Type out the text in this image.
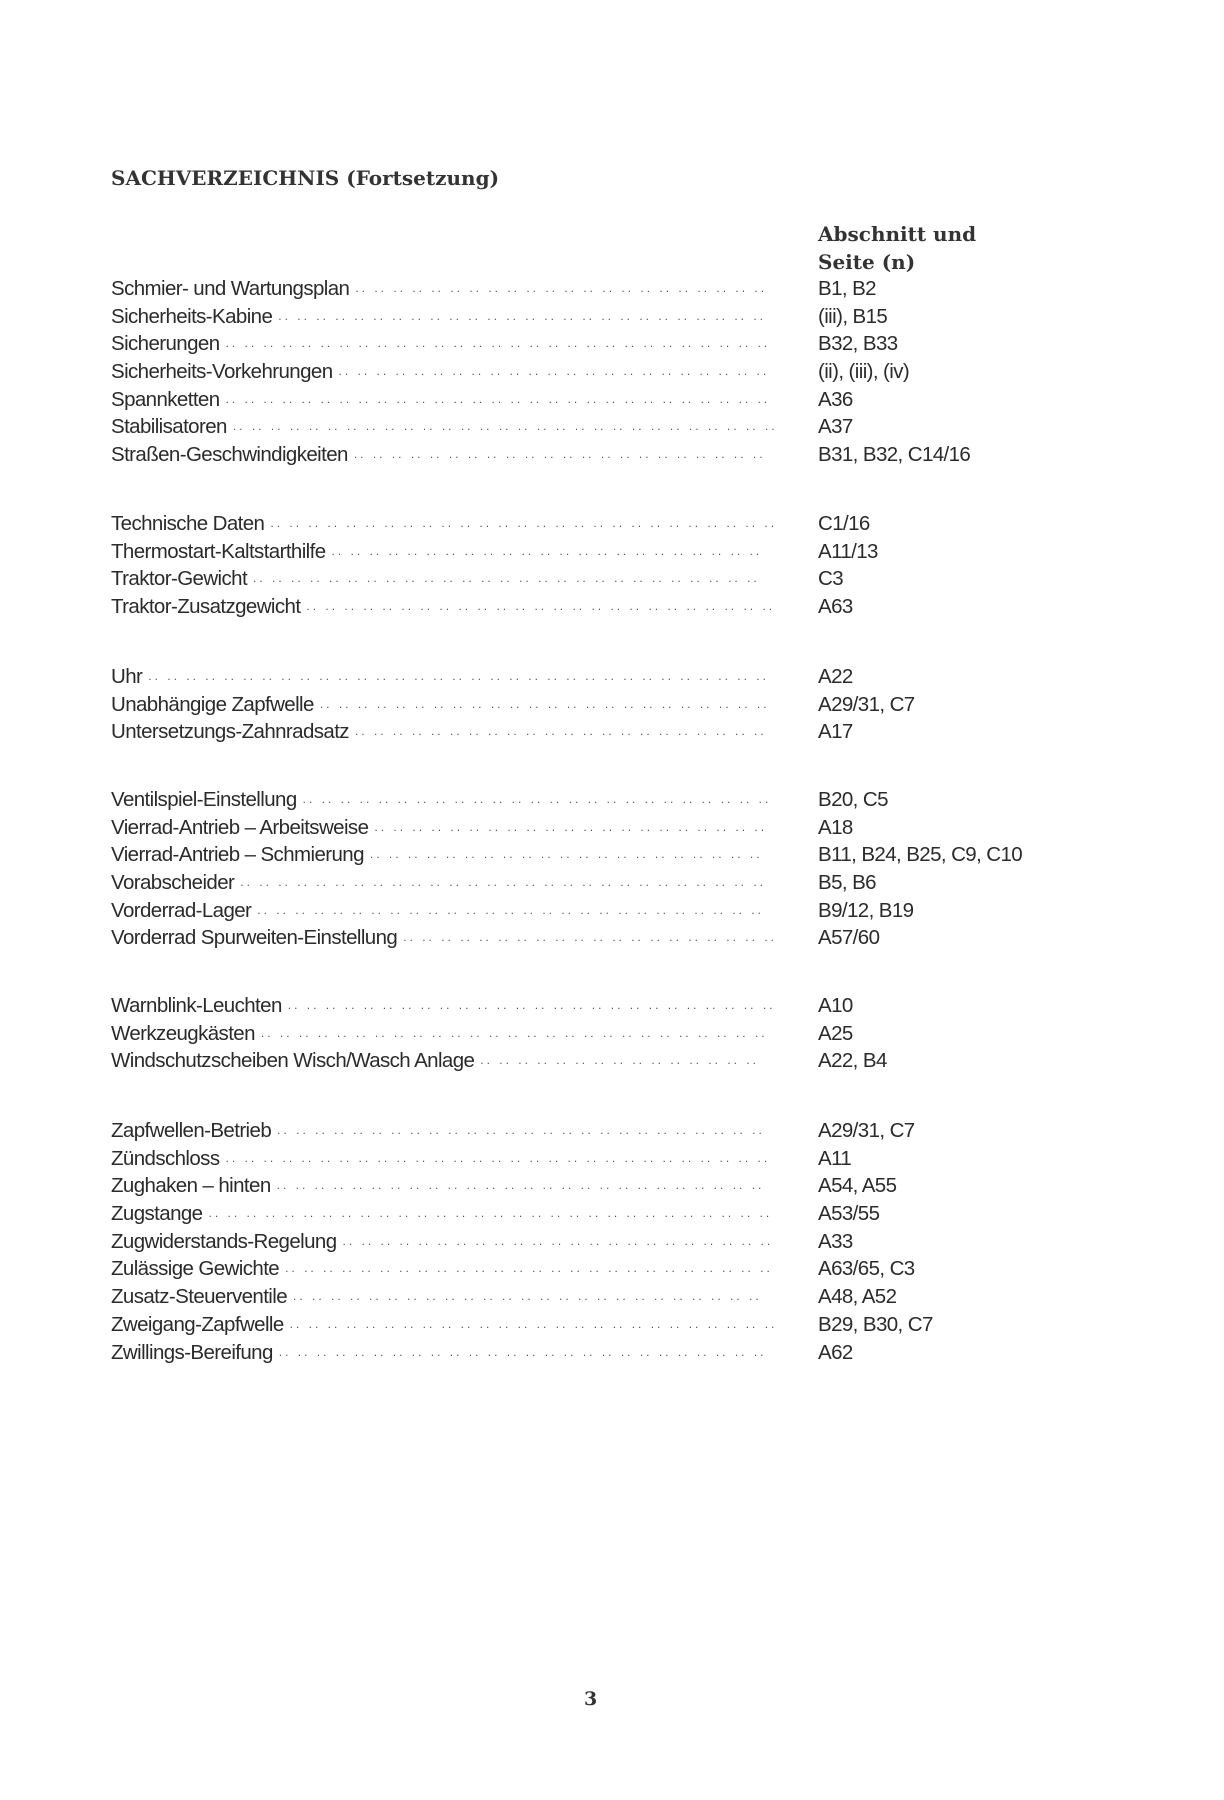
SACHVERZEICHNIS (Fortsetzung)
Abschnitt und
Seite (n)
Schmier- und Wartungsplan .. .. .. .. .. .. .. .. .. .. .. .. .. .. .. .. .. .. .. .. .. .. B1, B2
Sicherheits-Kabine .. .. .. .. .. .. .. .. .. .. .. .. .. .. .. .. .. .. .. .. .. .. .. .. .. ..	(iii), B15
Sicherungen .. .. .. .. .. .. .. .. .. .. .. .. .. .. .. .. .. .. .. .. .. .. .. .. .. .. .. .. .. B32, B33
Sicherheits-Vorkehrungen .. .. .. .. .. .. .. .. .. .. .. .. .. .. .. .. .. .. .. .. .. .. .. (ii), (iii), (iv)
Spannketten .. .. .. .. .. .. .. .. .. .. .. .. .. .. .. .. .. .. .. .. .. .. .. .. .. .. .. .. .. A36
Stabilisatoren .. .. .. .. .. .. .. .. .. .. .. .. .. .. .. .. .. .. .. .. .. .. .. .. .. .. .. .. .. A37
Straßen-Geschwindigkeiten .. .. .. .. .. .. .. .. .. .. .. .. .. .. .. .. .. .. .. .. .. ..	B31, B32, C14/16
Technische Daten .. .. .. .. .. .. .. .. .. .. .. .. .. .. .. .. .. .. .. .. .. .. .. .. .. .. .. C1/16
Thermostart-Kaltstarthilfe .. .. .. .. .. .. .. .. .. .. .. .. .. .. .. .. .. .. .. .. .. .. ..	A11/13
Traktor-Gewicht .. .. .. .. .. .. .. .. .. .. .. .. .. .. .. .. .. .. .. .. .. .. .. .. .. .. ..	C3
Traktor-Zusatzgewicht .. .. .. .. .. .. .. .. .. .. .. .. .. .. .. .. .. .. .. .. .. .. .. .. .. A63
Uhr .. .. .. .. .. .. .. .. .. .. .. .. .. .. .. .. .. .. .. .. .. .. .. .. .. .. .. .. .. .. .. .. .. A22
Unabhängige Zapfwelle .. .. .. .. .. .. .. .. .. .. .. .. .. .. .. .. .. .. .. .. .. .. .. .. A29/31, C7
Untersetzungs-Zahnradsatz .. .. .. .. .. .. .. .. .. .. .. .. .. .. .. .. .. .. .. .. .. ..	A17
Ventilspiel-Einstellung .. .. .. .. .. .. .. .. .. .. .. .. .. .. .. .. .. .. .. .. .. .. .. .. .. B20, C5
Vierrad-Antrieb – Arbeitsweise .. .. .. .. .. .. .. .. .. .. .. .. .. .. .. .. .. .. .. .. .. A18
Vierrad-Antrieb – Schmierung .. .. .. .. .. .. .. .. .. .. .. .. .. .. .. .. .. .. .. .. ..	B11, B24, B25, C9, C10
Vorabscheider .. .. .. .. .. .. .. .. .. .. .. .. .. .. .. .. .. .. .. .. .. .. .. .. .. .. .. ..	B5, B6
Vorderrad-Lager .. .. .. .. .. .. .. .. .. .. .. .. .. .. .. .. .. .. .. .. .. .. .. .. .. .. ..	B9/12, B19
Vorderrad Spurweiten-Einstellung .. .. .. .. .. .. .. .. .. .. .. .. .. .. .. .. .. .. .. .. A57/60
Warnblink-Leuchten .. .. .. .. .. .. .. .. .. .. .. .. .. .. .. .. .. .. .. .. .. .. .. .. .. .. A10
Werkzeugkästen .. .. .. .. .. .. .. .. .. .. .. .. .. .. .. .. .. .. .. .. .. .. .. .. .. .. .. A25
Windschutzscheiben Wisch/Wasch Anlage .. .. .. .. .. .. .. .. .. .. .. .. .. .. ..	A22, B4
Zapfwellen-Betrieb .. .. .. .. .. .. .. .. .. .. .. .. .. .. .. .. .. .. .. .. .. .. .. .. .. ..	A29/31, C7
Zündschloss .. .. .. .. .. .. .. .. .. .. .. .. .. .. .. .. .. .. .. .. .. .. .. .. .. .. .. .. .. A11
Zughaken – hinten .. .. .. .. .. .. .. .. .. .. .. .. .. .. .. .. .. .. .. .. .. .. .. .. .. ..	A54, A55
Zugstange .. .. .. .. .. .. .. .. .. .. .. .. .. .. .. .. .. .. .. .. .. .. .. .. .. .. .. .. .. .. A53/55
Zugwiderstands-Regelung .. .. .. .. .. .. .. .. .. .. .. .. .. .. .. .. .. .. .. .. .. .. .. A33
Zulässige Gewichte .. .. .. .. .. .. .. .. .. .. .. .. .. .. .. .. .. .. .. .. .. .. .. .. .. .. A63/65, C3
Zusatz-Steuerventile .. .. .. .. .. .. .. .. .. .. .. .. .. .. .. .. .. .. .. .. .. .. .. .. ..	A48, A52
Zweigang-Zapfwelle .. .. .. .. .. .. .. .. .. .. .. .. .. .. .. .. .. .. .. .. .. .. .. .. .. .. B29, B30, C7
Zwillings-Bereifung .. .. .. .. .. .. .. .. .. .. .. .. .. .. .. .. .. .. .. .. .. .. .. .. .. ..	A62
3
